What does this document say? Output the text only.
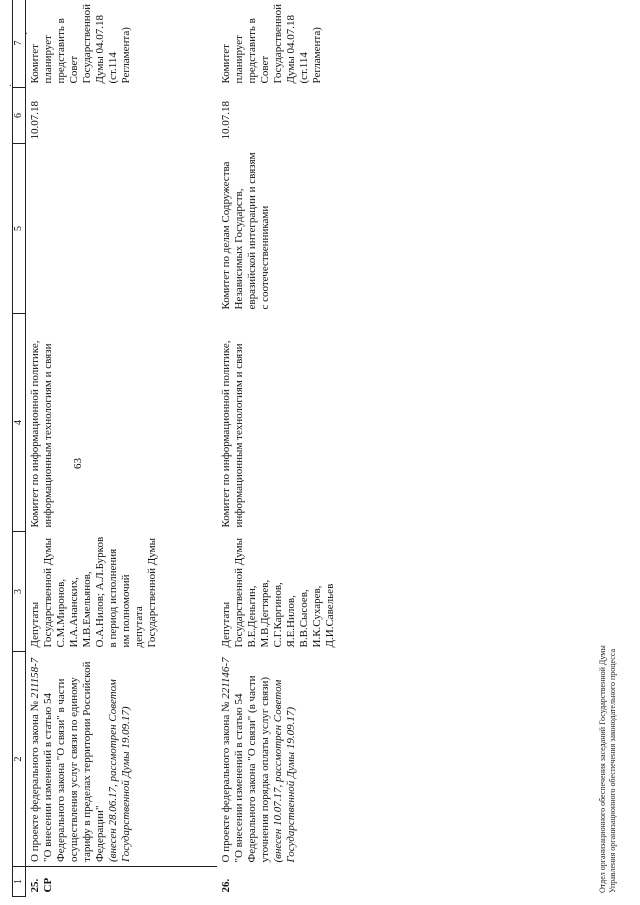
63
·
·
1	2	3	4	5	6	7
25. СР	О проекте федерального закона № 211158-7 "О внесении изменений в статью 54 Федерального закона "О связи" в части осуществления услуг связи по единому тарифу в пределах территории Российской Федерации" (внесен 28.06.17, рассмотрен Советом Государственной Думы 19.09.17)	Депутаты Государственной Думы С.М.Миронов, И.А.Ананских, М.В.Емельянов, О.А.Нилов; А.Л.Бурков в период исполнения им полномочий депутата Государственной Думы	Комитет по информационной политике, информационным технологиям и связи		10.07.18	Комитет планирует представить в Совет Государственной Думы 04.07.18 (ст.114 Регламента)
26.	О проекте федерального закона № 221146-7 "О внесении изменений в статью 54 Федерального закона "О связи" (в части уточнения порядка оплаты услуг связи) (внесен 10.07.17, рассмотрен Советом Государственной Думы 19.09.17)	Депутаты Государственной Думы В.Е.Деньгин, М.В.Дегтярев, С.Г.Каргинов, Я.Е.Нилов, В.В.Сысоев, И.К.Сухарев, Д.И.Савельев	Комитет по информационной политике, информационным технологиям и связи	Комитет по делам Содружества Независимых Государств, евразийской интеграции и связям с соотечественниками	10.07.18	Комитет планирует представить в Совет Государственной Думы 04.07.18 (ст.114 Регламента)
Отдел организационного обеспечения заседаний Государственной Думы Управления организационного обеспечения законодательного процесса
